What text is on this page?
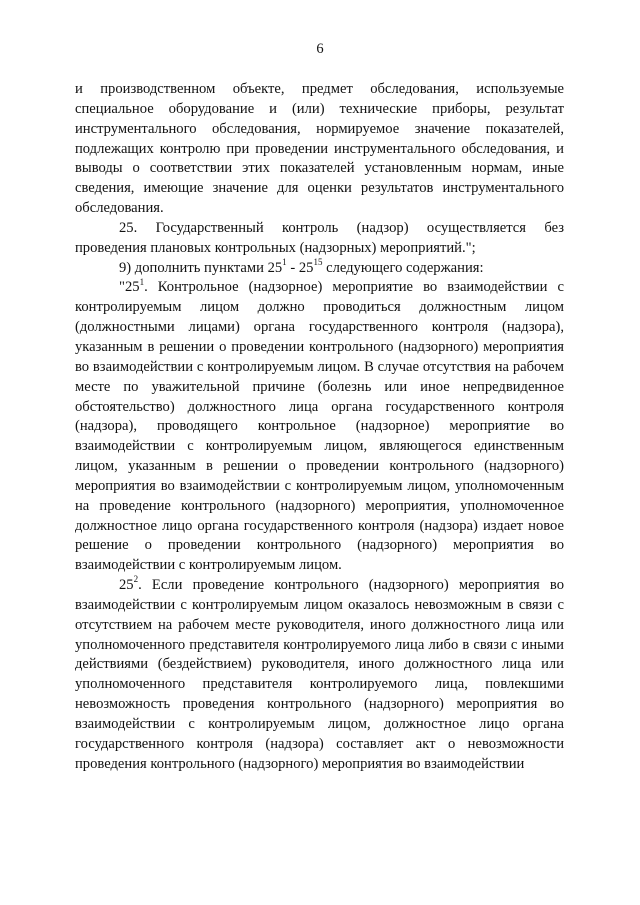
6

и производственном объекте, предмет обследования, используемые специальное оборудование и (или) технические приборы, результат инструментального обследования, нормируемое значение показателей, подлежащих контролю при проведении инструментального обследования, и выводы о соответствии этих показателей установленным нормам, иные сведения, имеющие значение для оценки результатов инструментального обследования.

25. Государственный контроль (надзор) осуществляется без проведения плановых контрольных (надзорных) мероприятий.";

9) дополнить пунктами $25^1 - 25^{15}$ следующего содержания:

"$25^1$. Контрольное (надзорное) мероприятие во взаимодействии с контролируемым лицом должно проводиться должностным лицом (должностными лицами) органа государственного контроля (надзора), указанным в решении о проведении контрольного (надзорного) мероприятия во взаимодействии с контролируемым лицом. В случае отсутствия на рабочем месте по уважительной причине (болезнь или иное непредвиденное обстоятельство) должностного лица органа государственного контроля (надзора), проводящего контрольное (надзорное) мероприятие во взаимодействии с контролируемым лицом, являющегося единственным лицом, указанным в решении о проведении контрольного (надзорного) мероприятия во взаимодействии с контролируемым лицом, уполномоченным на проведение контрольного (надзорного) мероприятия, уполномоченное должностное лицо органа государственного контроля (надзора) издает новое решение о проведении контрольного (надзорного) мероприятия во взаимодействии с контролируемым лицом.

$25^2$. Если проведение контрольного (надзорного) мероприятия во взаимодействии с контролируемым лицом оказалось невозможным в связи с отсутствием на рабочем месте руководителя, иного должностного лица или уполномоченного представителя контролируемого лица либо в связи с иными действиями (бездействием) руководителя, иного должностного лица или уполномоченного представителя контролируемого лица, повлекшими невозможность проведения контрольного (надзорного) мероприятия во взаимодействии с контролируемым лицом, должностное лицо органа государственного контроля (надзора) составляет акт о невозможности проведения контрольного (надзорного) мероприятия во взаимодействии
